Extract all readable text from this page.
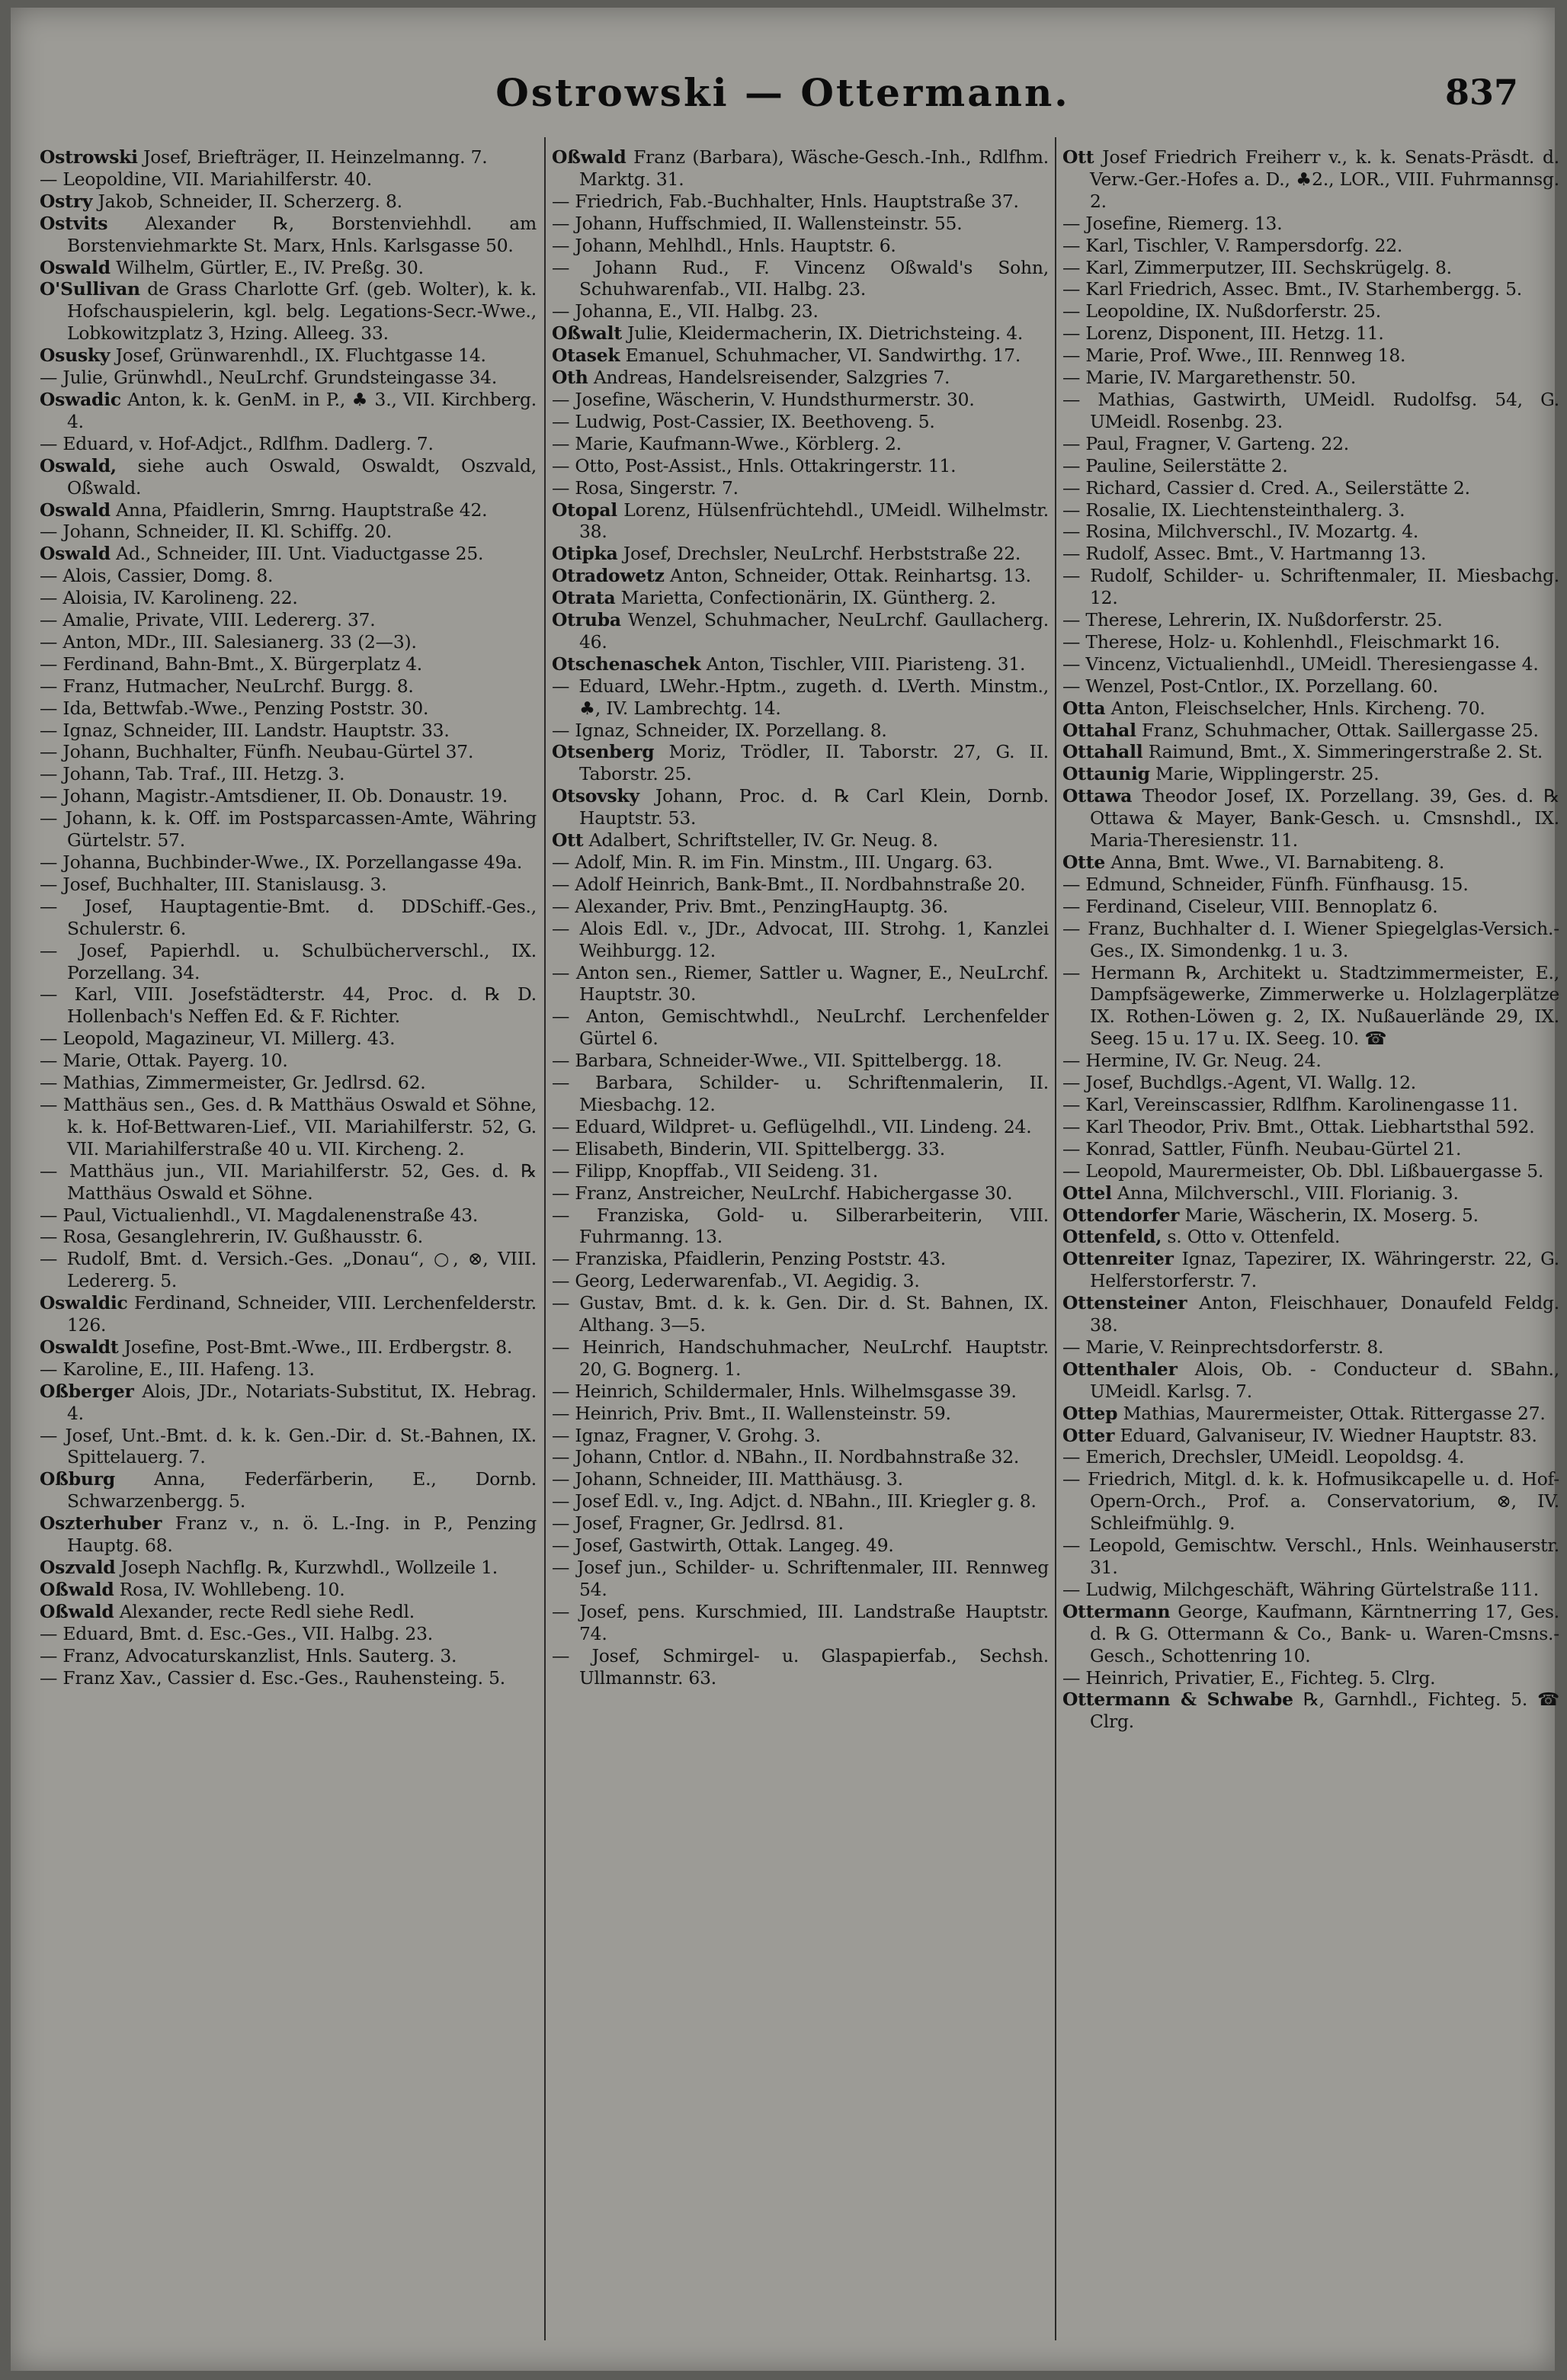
Ostrowski — Ottermann.	837

Ostrowski Josef, Briefträger, II. Heinzelmanng. 7.

— Leopoldine, VII. Mariahilferstr. 40.

Ostry Jakob, Schneider, II. Scherzerg. 8.

Ostvits Alexander ℞, Borstenviehhdl. am Borstenviehmarkte St. Marx, Hnls. Karlsgasse 50.

Oswald Wilhelm, Gürtler, E., IV. Preßg. 30.

O'Sullivan de Grass Charlotte Grf. (geb. Wolter), k. k. Hofschauspielerin, kgl. belg. Legations-Secr.-Wwe., Lobkowitzplatz 3, Hzing. Alleeg. 33.

Osusky Josef, Grünwarenhdl., IX. Fluchtgasse 14.

— Julie, Grünwhdl., NeuLrchf. Grundsteingasse 34.

Oswadic Anton, k. k. GenM. in P., ♣ 3., VII. Kirchberg. 4.

— Eduard, v. Hof-Adjct., Rdlfhm. Dadlerg. 7.

Oswald, siehe auch Oswald, Oswaldt, Oszvald, Oßwald.

Oswald Anna, Pfaidlerin, Smrng. Hauptstraße 42.

— Johann, Schneider, II. Kl. Schiffg. 20.

Oswald Ad., Schneider, III. Unt. Viaductgasse 25.

— Alois, Cassier, Domg. 8.

— Aloisia, IV. Karolineng. 22.

— Amalie, Private, VIII. Ledererg. 37.

— Anton, MDr., III. Salesianerg. 33 (2—3).

— Ferdinand, Bahn-Bmt., X. Bürgerplatz 4.

— Franz, Hutmacher, NeuLrchf. Burgg. 8.

— Ida, Bettwfab.-Wwe., Penzing Poststr. 30.

— Ignaz, Schneider, III. Landstr. Hauptstr. 33.

— Johann, Buchhalter, Fünfh. Neubau-Gürtel 37.

— Johann, Tab. Traf., III. Hetzg. 3.

— Johann, Magistr.-Amtsdiener, II. Ob. Donaustr. 19.

— Johann, k. k. Off. im Postsparcassen-Amte, Währing Gürtelstr. 57.

— Johanna, Buchbinder-Wwe., IX. Porzellangasse 49a.

— Josef, Buchhalter, III. Stanislausg. 3.

— Josef, Hauptagentie-Bmt. d. DDSchiff.-Ges., Schulerstr. 6.

— Josef, Papierhdl. u. Schulbücherverschl., IX. Porzellang. 34.

— Karl, VIII. Josefstädterstr. 44, Proc. d. ℞ D. Hollenbach's Neffen Ed. & F. Richter.

— Leopold, Magazineur, VI. Millerg. 43.

— Marie, Ottak. Payerg. 10.

— Mathias, Zimmermeister, Gr. Jedlrsd. 62.

— Matthäus sen., Ges. d. ℞ Matthäus Oswald et Söhne, k. k. Hof-Bettwaren-Lief., VII. Mariahilferstr. 52, G. VII. Mariahilferstraße 40 u. VII. Kircheng. 2.

— Matthäus jun., VII. Mariahilferstr. 52, Ges. d. ℞ Matthäus Oswald et Söhne.

— Paul, Victualienhdl., VI. Magdalenenstraße 43.

— Rosa, Gesanglehrerin, IV. Gußhausstr. 6.

— Rudolf, Bmt. d. Versich.-Ges. „Donau“, ○, ⊗, VIII. Ledererg. 5.

Oswaldic Ferdinand, Schneider, VIII. Lerchenfelderstr. 126.

Oswaldt Josefine, Post-Bmt.-Wwe., III. Erdbergstr. 8.

— Karoline, E., III. Hafeng. 13.

Oßberger Alois, JDr., Notariats-Substitut, IX. Hebrag. 4.

— Josef, Unt.-Bmt. d. k. k. Gen.-Dir. d. St.-Bahnen, IX. Spittelauerg. 7.

Oßburg Anna, Federfärberin, E., Dornb. Schwarzenbergg. 5.

Oszterhuber Franz v., n. ö. L.-Ing. in P., Penzing Hauptg. 68.

Oszvald Joseph Nachflg. ℞, Kurzwhdl., Wollzeile 1.

Oßwald Rosa, IV. Wohllebeng. 10.

Oßwald Alexander, recte Redl siehe Redl.

— Eduard, Bmt. d. Esc.-Ges., VII. Halbg. 23.

— Franz, Advocaturskanzlist, Hnls. Sauterg. 3.

— Franz Xav., Cassier d. Esc.-Ges., Rauhensteing. 5.

Oßwald Franz (Barbara), Wäsche-Gesch.-Inh., Rdlfhm. Marktg. 31.

— Friedrich, Fab.-Buchhalter, Hnls. Hauptstraße 37.

— Johann, Huffschmied, II. Wallensteinstr. 55.

— Johann, Mehlhdl., Hnls. Hauptstr. 6.

— Johann Rud., F. Vincenz Oßwald's Sohn, Schuhwarenfab., VII. Halbg. 23.

— Johanna, E., VII. Halbg. 23.

Oßwalt Julie, Kleidermacherin, IX. Dietrichsteing. 4.

Otasek Emanuel, Schuhmacher, VI. Sandwirthg. 17.

Oth Andreas, Handelsreisender, Salzgries 7.

— Josefine, Wäscherin, V. Hundsthurmerstr. 30.

— Ludwig, Post-Cassier, IX. Beethoveng. 5.

— Marie, Kaufmann-Wwe., Körblerg. 2.

— Otto, Post-Assist., Hnls. Ottakringerstr. 11.

— Rosa, Singerstr. 7.

Otopal Lorenz, Hülsenfrüchtehdl., UMeidl. Wilhelmstr. 38.

Otipka Josef, Drechsler, NeuLrchf. Herbststraße 22.

Otradowetz Anton, Schneider, Ottak. Reinhartsg. 13.

Otrata Marietta, Confectionärin, IX. Güntherg. 2.

Otruba Wenzel, Schuhmacher, NeuLrchf. Gaullacherg. 46.

Otschenaschek Anton, Tischler, VIII. Piaristeng. 31.

— Eduard, LWehr.-Hptm., zugeth. d. LVerth. Minstm., ♣, IV. Lambrechtg. 14.

— Ignaz, Schneider, IX. Porzellang. 8.

Otsenberg Moriz, Trödler, II. Taborstr. 27, G. II. Taborstr. 25.

Otsovsky Johann, Proc. d. ℞ Carl Klein, Dornb. Hauptstr. 53.

Ott Adalbert, Schriftsteller, IV. Gr. Neug. 8.

— Adolf, Min. R. im Fin. Minstm., III. Ungarg. 63.

— Adolf Heinrich, Bank-Bmt., II. Nordbahnstraße 20.

— Alexander, Priv. Bmt., PenzingHauptg. 36.

— Alois Edl. v., JDr., Advocat, III. Strohg. 1, Kanzlei Weihburgg. 12.

— Anton sen., Riemer, Sattler u. Wagner, E., NeuLrchf. Hauptstr. 30.

— Anton, Gemischtwhdl., NeuLrchf. Lerchenfelder Gürtel 6.

— Barbara, Schneider-Wwe., VII. Spittelbergg. 18.

— Barbara, Schilder- u. Schriftenmalerin, II. Miesbachg. 12.

— Eduard, Wildpret- u. Geflügelhdl., VII. Lindeng. 24.

— Elisabeth, Binderin, VII. Spittelbergg. 33.

— Filipp, Knopffab., VII Seideng. 31.

— Franz, Anstreicher, NeuLrchf. Habichergasse 30.

— Franziska, Gold- u. Silberarbeiterin, VIII. Fuhrmanng. 13.

— Franziska, Pfaidlerin, Penzing Poststr. 43.

— Georg, Lederwarenfab., VI. Aegidig. 3.

— Gustav, Bmt. d. k. k. Gen. Dir. d. St. Bahnen, IX. Althang. 3—5.

— Heinrich, Handschuhmacher, NeuLrchf. Hauptstr. 20, G. Bognerg. 1.

— Heinrich, Schildermaler, Hnls. Wilhelmsgasse 39.

— Heinrich, Priv. Bmt., II. Wallensteinstr. 59.

— Ignaz, Fragner, V. Grohg. 3.

— Johann, Cntlor. d. NBahn., II. Nordbahnstraße 32.

— Johann, Schneider, III. Matthäusg. 3.

— Josef Edl. v., Ing. Adjct. d. NBahn., III. Kriegler g. 8.

— Josef, Fragner, Gr. Jedlrsd. 81.

— Josef, Gastwirth, Ottak. Langeg. 49.

— Josef jun., Schilder- u. Schriftenmaler, III. Rennweg 54.

— Josef, pens. Kurschmied, III. Landstraße Hauptstr. 74.

— Josef, Schmirgel- u. Glaspapierfab., Sechsh. Ullmannstr. 63.

Ott Josef Friedrich Freiherr v., k. k. Senats-Präsdt. d. Verw.-Ger.-Hofes a. D., ♣2., LOR., VIII. Fuhrmannsg. 2.

— Josefine, Riemerg. 13.

— Karl, Tischler, V. Rampersdorfg. 22.

— Karl, Zimmerputzer, III. Sechskrügelg. 8.

— Karl Friedrich, Assec. Bmt., IV. Starhembergg. 5.

— Leopoldine, IX. Nußdorferstr. 25.

— Lorenz, Disponent, III. Hetzg. 11.

— Marie, Prof. Wwe., III. Rennweg 18.

— Marie, IV. Margarethenstr. 50.

— Mathias, Gastwirth, UMeidl. Rudolfsg. 54, G. UMeidl. Rosenbg. 23.

— Paul, Fragner, V. Garteng. 22.

— Pauline, Seilerstätte 2.

— Richard, Cassier d. Cred. A., Seilerstätte 2.

— Rosalie, IX. Liechtensteinthalerg. 3.

— Rosina, Milchverschl., IV. Mozartg. 4.

— Rudolf, Assec. Bmt., V. Hartmanng 13.

— Rudolf, Schilder- u. Schriftenmaler, II. Miesbachg. 12.

— Therese, Lehrerin, IX. Nußdorferstr. 25.

— Therese, Holz- u. Kohlenhdl., Fleischmarkt 16.

— Vincenz, Victualienhdl., UMeidl. Theresiengasse 4.

— Wenzel, Post-Cntlor., IX. Porzellang. 60.

Otta Anton, Fleischselcher, Hnls. Kircheng. 70.

Ottahal Franz, Schuhmacher, Ottak. Saillergasse 25.

Ottahall Raimund, Bmt., X. Simmeringerstraße 2. St.

Ottaunig Marie, Wipplingerstr. 25.

Ottawa Theodor Josef, IX. Porzellang. 39, Ges. d. ℞ Ottawa & Mayer, Bank-Gesch. u. Cmsnshdl., IX. Maria-Theresienstr. 11.

Otte Anna, Bmt. Wwe., VI. Barnabiteng. 8.

— Edmund, Schneider, Fünfh. Fünfhausg. 15.

— Ferdinand, Ciseleur, VIII. Bennoplatz 6.

— Franz, Buchhalter d. I. Wiener Spiegelglas-Versich.-Ges., IX. Simondenkg. 1 u. 3.

— Hermann ℞, Architekt u. Stadtzimmermeister, E., Dampfsägewerke, Zimmerwerke u. Holzlagerplätze IX. Rothen-Löwen g. 2, IX. Nußauerlände 29, IX. Seeg. 15 u. 17 u. IX. Seeg. 10. ☎

— Hermine, IV. Gr. Neug. 24.

— Josef, Buchdlgs.-Agent, VI. Wallg. 12.

— Karl, Vereinscassier, Rdlfhm. Karolinengasse 11.

— Karl Theodor, Priv. Bmt., Ottak. Liebhartsthal 592.

— Konrad, Sattler, Fünfh. Neubau-Gürtel 21.

— Leopold, Maurermeister, Ob. Dbl. Lißbauergasse 5.

Ottel Anna, Milchverschl., VIII. Florianig. 3.

Ottendorfer Marie, Wäscherin, IX. Moserg. 5.

Ottenfeld, s. Otto v. Ottenfeld.

Ottenreiter Ignaz, Tapezirer, IX. Währingerstr. 22, G. Helferstorferstr. 7.

Ottensteiner Anton, Fleischhauer, Donaufeld Feldg. 38.

— Marie, V. Reinprechtsdorferstr. 8.

Ottenthaler Alois, Ob. - Conducteur d. SBahn., UMeidl. Karlsg. 7.

Ottep Mathias, Maurermeister, Ottak. Rittergasse 27.

Otter Eduard, Galvaniseur, IV. Wiedner Hauptstr. 83.

— Emerich, Drechsler, UMeidl. Leopoldsg. 4.

— Friedrich, Mitgl. d. k. k. Hofmusikcapelle u. d. Hof-Opern-Orch., Prof. a. Conservatorium, ⊗, IV. Schleifmühlg. 9.

— Leopold, Gemischtw. Verschl., Hnls. Weinhauserstr. 31.

— Ludwig, Milchgeschäft, Währing Gürtelstraße 111.

Ottermann George, Kaufmann, Kärntnerring 17, Ges. d. ℞ G. Ottermann & Co., Bank- u. Waren-Cmsns.-Gesch., Schottenring 10.

— Heinrich, Privatier, E., Fichteg. 5. Clrg.

Ottermann & Schwabe ℞, Garnhdl., Fichteg. 5. ☎ Clrg.
